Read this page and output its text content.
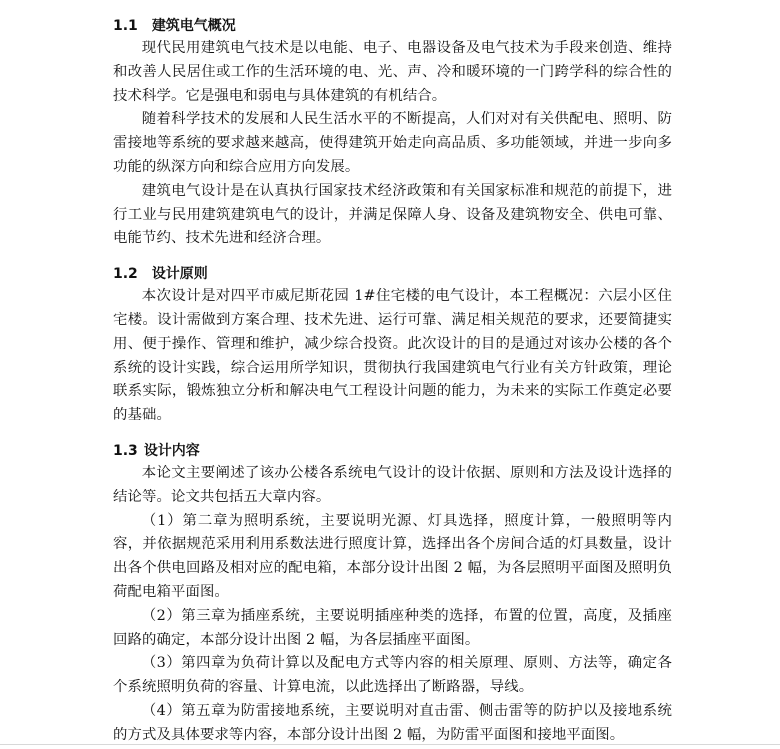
1.1 建筑电气概况

现代民用建筑电气技术是以电能、电子、电器设备及电气技术为手段来创造、维持和改善人民居住或工作的生活环境的电、光、声、冷和暖环境的一门跨学科的综合性的技术科学。它是强电和弱电与具体建筑的有机结合。

随着科学技术的发展和人民生活水平的不断提高，人们对对有关供配电、照明、防雷接地等系统的要求越来越高，使得建筑开始走向高品质、多功能领域，并进一步向多功能的纵深方向和综合应用方向发展。

建筑电气设计是在认真执行国家技术经济政策和有关国家标准和规范的前提下，进行工业与民用建筑建筑电气的设计，并满足保障人身、设备及建筑物安全、供电可靠、电能节约、技术先进和经济合理。

1.2 设计原则

本次设计是对四平市威尼斯花园 1#住宅楼的电气设计，本工程概况：六层小区住宅楼。设计需做到方案合理、技术先进、运行可靠、满足相关规范的要求，还要简捷实用、便于操作、管理和维护，减少综合投资。此次设计的目的是通过对该办公楼的各个系统的设计实践，综合运用所学知识，贯彻执行我国建筑电气行业有关方针政策，理论联系实际，锻炼独立分析和解决电气工程设计问题的能力，为未来的实际工作奠定必要的基础。

1.3 设计内容

本论文主要阐述了该办公楼各系统电气设计的设计依据、原则和方法及设计选择的结论等。论文共包括五大章内容。

（1）第二章为照明系统，主要说明光源、灯具选择，照度计算，一般照明等内容，并依据规范采用利用系数法进行照度计算，选择出各个房间合适的灯具数量，设计出各个供电回路及相对应的配电箱，本部分设计出图 2 幅，为各层照明平面图及照明负荷配电箱平面图。

（2）第三章为插座系统，主要说明插座种类的选择，布置的位置，高度，及插座回路的确定，本部分设计出图 2 幅，为各层插座平面图。

（3）第四章为负荷计算以及配电方式等内容的相关原理、原则、方法等，确定各个系统照明负荷的容量、计算电流，以此选择出了断路器，导线。

（4）第五章为防雷接地系统，主要说明对直击雷、侧击雷等的防护以及接地系统的方式及具体要求等内容，本部分设计出图 2 幅，为防雷平面图和接地平面图。
